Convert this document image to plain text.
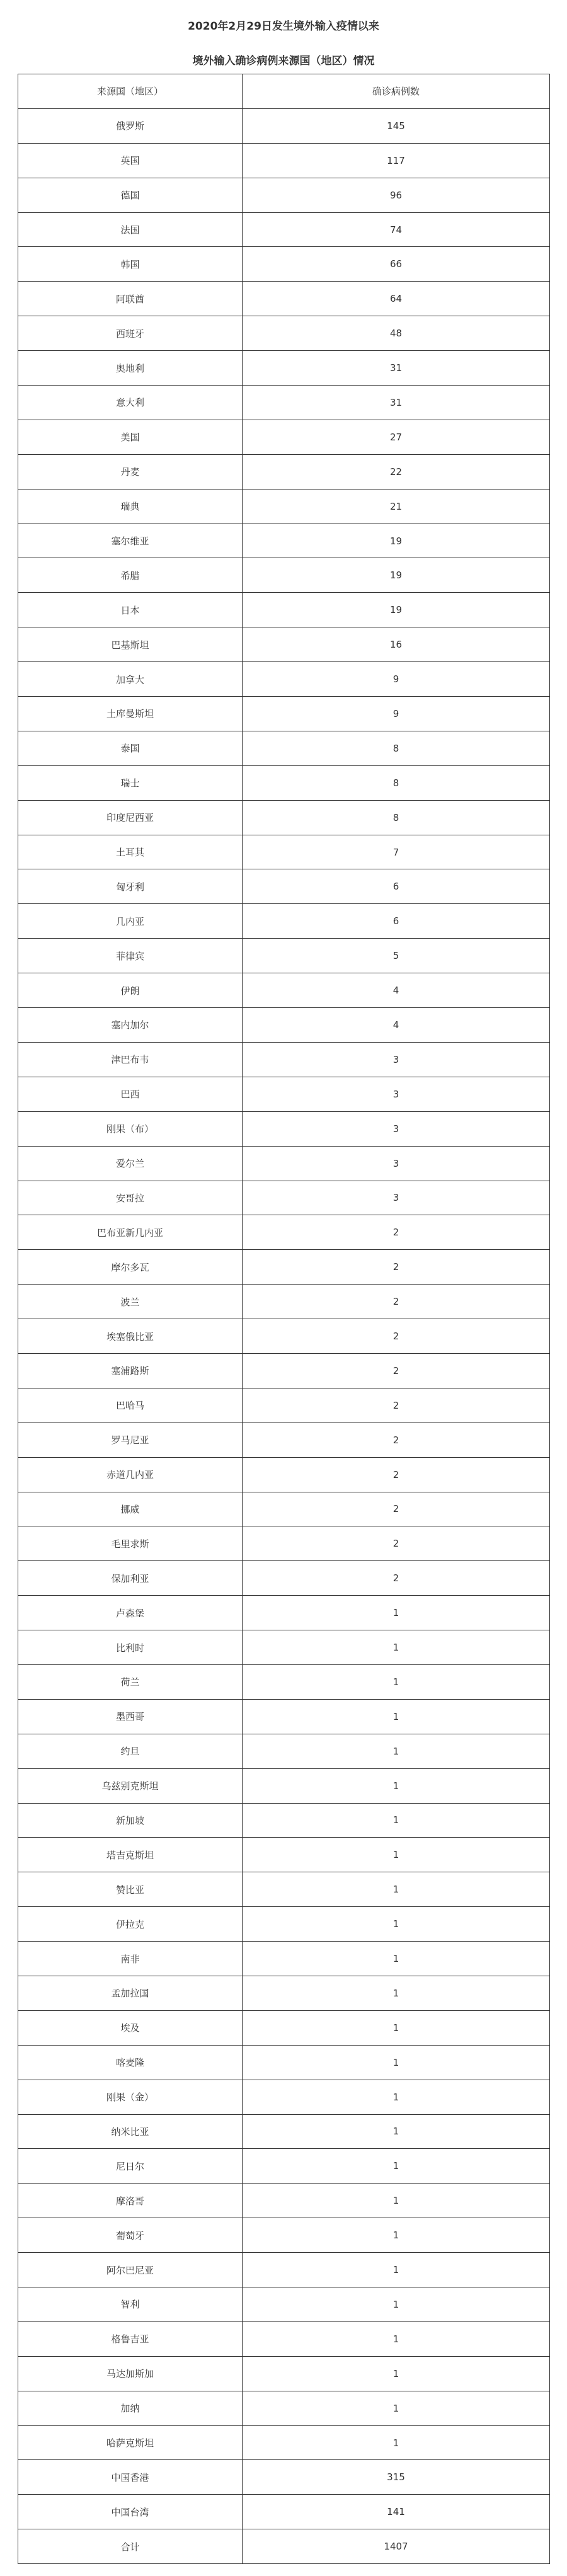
2020年2月29日发生境外输入疫情以来
境外输入确诊病例来源国（地区）情况
来源国（地区）	确诊病例数
俄罗斯	145
英国	117
德国	96
法国	74
韩国	66
阿联酋	64
西班牙	48
奥地利	31
意大利	31
美国	27
丹麦	22
瑞典	21
塞尔维亚	19
希腊	19
日本	19
巴基斯坦	16
加拿大	9
土库曼斯坦	9
泰国	8
瑞士	8
印度尼西亚	8
土耳其	7
匈牙利	6
几内亚	6
菲律宾	5
伊朗	4
塞内加尔	4
津巴布韦	3
巴西	3
刚果（布）	3
爱尔兰	3
安哥拉	3
巴布亚新几内亚	2
摩尔多瓦	2
波兰	2
埃塞俄比亚	2
塞浦路斯	2
巴哈马	2
罗马尼亚	2
赤道几内亚	2
挪威	2
毛里求斯	2
保加利亚	2
卢森堡	1
比利时	1
荷兰	1
墨西哥	1
约旦	1
乌兹别克斯坦	1
新加坡	1
塔吉克斯坦	1
赞比亚	1
伊拉克	1
南非	1
孟加拉国	1
埃及	1
喀麦隆	1
刚果（金）	1
纳米比亚	1
尼日尔	1
摩洛哥	1
葡萄牙	1
阿尔巴尼亚	1
智利	1
格鲁吉亚	1
马达加斯加	1
加纳	1
哈萨克斯坦	1
中国香港	315
中国台湾	141
合计	1407
